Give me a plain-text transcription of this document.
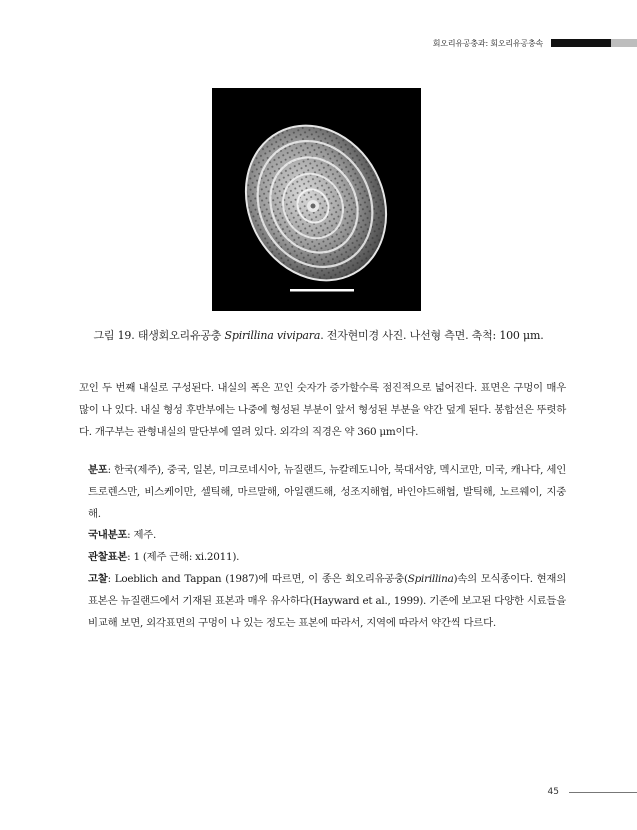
회오리유공충과: 회오리유공충속
그림 19. 태생회오리유공충 Spirillina vivipara. 전자현미경 사진. 나선형 측면. 축척: 100 μm.
꼬인 두 번째 내실로 구성된다. 내실의 폭은 꼬인 숫자가 증가할수록 점진적으로 넓어진다. 표면은 구멍이 매우 많이 나 있다. 내실 형성 후반부에는 나중에 형성된 부분이 앞서 형성된 부분을 약간 덮게 된다. 봉합선은 뚜렷하다. 개구부는 관형내실의 말단부에 열려 있다. 외각의 직경은 약 360 μm이다.

분포: 한국(제주), 중국, 일본, 미크로네시아, 뉴질랜드, 뉴칼레도니아, 북대서양, 멕시코만, 미국, 캐나다, 세인트로렌스만, 비스케이만, 셀틱해, 마르말해, 아일랜드해, 성조지해협, 바인야드해협, 발틱해, 노르웨이, 지중해.

국내분포: 제주.

관찰표본: 1 (제주 근해: xi.2011).

고찰: Loeblich and Tappan (1987)에 따르면, 이 종은 회오리유공충(Spirillina)속의 모식종이다. 현재의 표본은 뉴질랜드에서 기재된 표본과 매우 유사하다(Hayward et al., 1999). 기존에 보고된 다양한 시료들을 비교해 보면, 외각표면의 구멍이 나 있는 정도는 표본에 따라서, 지역에 따라서 약간씩 다르다.

45
